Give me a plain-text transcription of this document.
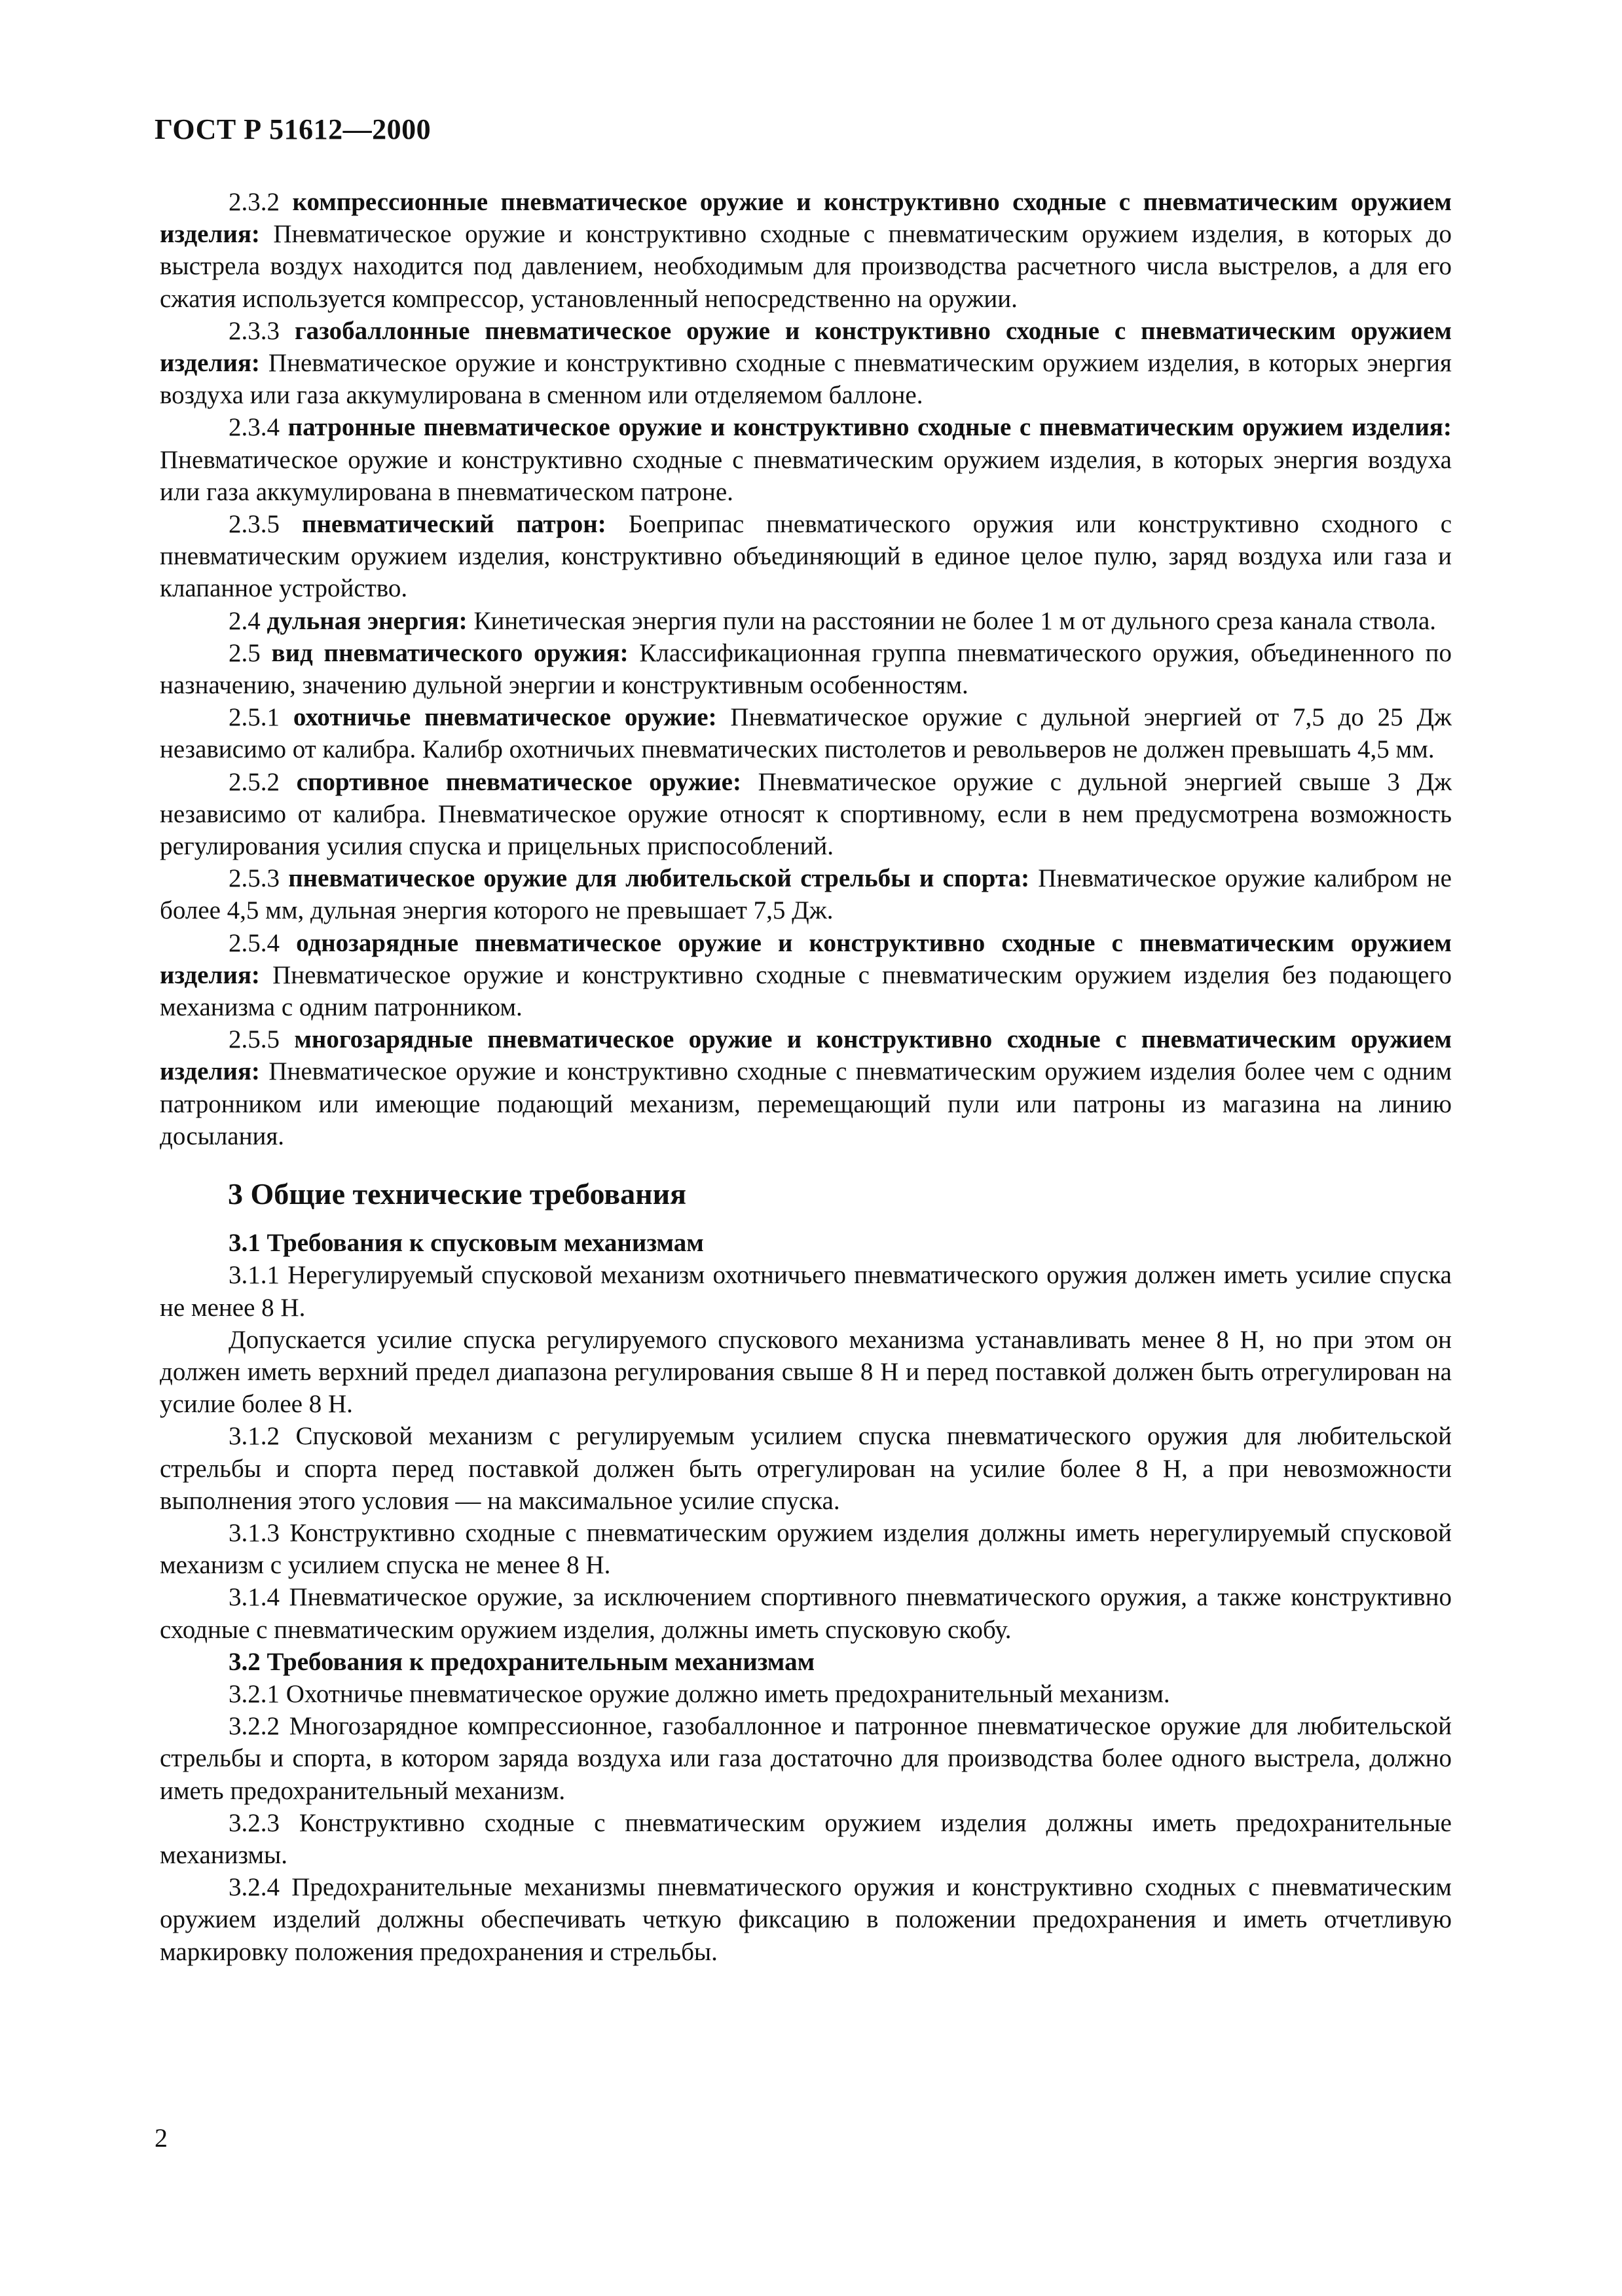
ГОСТ Р 51612—2000

2.3.2 компрессионные пневматическое оружие и конструктивно сходные с пневматическим оружием изделия: Пневматическое оружие и конструктивно сходные с пневматическим оружием изделия, в которых до выстрела воздух находится под давлением, необходимым для производства расчетного числа выстрелов, а для его сжатия используется компрессор, установленный непосредственно на оружии.

2.3.3 газобаллонные пневматическое оружие и конструктивно сходные с пневматическим оружием изделия: Пневматическое оружие и конструктивно сходные с пневматическим оружием изделия, в которых энергия воздуха или газа аккумулирована в сменном или отделяемом баллоне.

2.3.4 патронные пневматическое оружие и конструктивно сходные с пневматическим оружием изделия: Пневматическое оружие и конструктивно сходные с пневматическим оружием изделия, в которых энергия воздуха или газа аккумулирована в пневматическом патроне.

2.3.5 пневматический патрон: Боеприпас пневматического оружия или конструктивно сходного с пневматическим оружием изделия, конструктивно объединяющий в единое целое пулю, заряд воздуха или газа и клапанное устройство.

2.4 дульная энергия: Кинетическая энергия пули на расстоянии не более 1 м от дульного среза канала ствола.

2.5 вид пневматического оружия: Классификационная группа пневматического оружия, объединенного по назначению, значению дульной энергии и конструктивным особенностям.

2.5.1 охотничье пневматическое оружие: Пневматическое оружие с дульной энергией от 7,5 до 25 Дж независимо от калибра. Калибр охотничьих пневматических пистолетов и револьверов не должен превышать 4,5 мм.

2.5.2 спортивное пневматическое оружие: Пневматическое оружие с дульной энергией свыше 3 Дж независимо от калибра. Пневматическое оружие относят к спортивному, если в нем предусмотрена возможность регулирования усилия спуска и прицельных приспособлений.

2.5.3 пневматическое оружие для любительской стрельбы и спорта: Пневматическое оружие калибром не более 4,5 мм, дульная энергия которого не превышает 7,5 Дж.

2.5.4 однозарядные пневматическое оружие и конструктивно сходные с пневматическим оружием изделия: Пневматическое оружие и конструктивно сходные с пневматическим оружием изделия без подающего механизма с одним патронником.

2.5.5 многозарядные пневматическое оружие и конструктивно сходные с пневматическим оружием изделия: Пневматическое оружие и конструктивно сходные с пневматическим оружием изделия более чем с одним патронником или имеющие подающий механизм, перемещающий пули или патроны из магазина на линию досылания.

3 Общие технические требования

3.1 Требования к спусковым механизмам

3.1.1 Нерегулируемый спусковой механизм охотничьего пневматического оружия должен иметь усилие спуска не менее 8 Н.

Допускается усилие спуска регулируемого спускового механизма устанавливать менее 8 Н, но при этом он должен иметь верхний предел диапазона регулирования свыше 8 Н и перед поставкой должен быть отрегулирован на усилие более 8 Н.

3.1.2 Спусковой механизм с регулируемым усилием спуска пневматического оружия для любительской стрельбы и спорта перед поставкой должен быть отрегулирован на усилие более 8 Н, а при невозможности выполнения этого условия — на максимальное усилие спуска.

3.1.3 Конструктивно сходные с пневматическим оружием изделия должны иметь нерегулируемый спусковой механизм с усилием спуска не менее 8 Н.

3.1.4 Пневматическое оружие, за исключением спортивного пневматического оружия, а также конструктивно сходные с пневматическим оружием изделия, должны иметь спусковую скобу.

3.2 Требования к предохранительным механизмам

3.2.1 Охотничье пневматическое оружие должно иметь предохранительный механизм.

3.2.2 Многозарядное компрессионное, газобаллонное и патронное пневматическое оружие для любительской стрельбы и спорта, в котором заряда воздуха или газа достаточно для производства более одного выстрела, должно иметь предохранительный механизм.

3.2.3 Конструктивно сходные с пневматическим оружием изделия должны иметь предохранительные механизмы.

3.2.4 Предохранительные механизмы пневматического оружия и конструктивно сходных с пневматическим оружием изделий должны обеспечивать четкую фиксацию в положении предохранения и иметь отчетливую маркировку положения предохранения и стрельбы.

2
